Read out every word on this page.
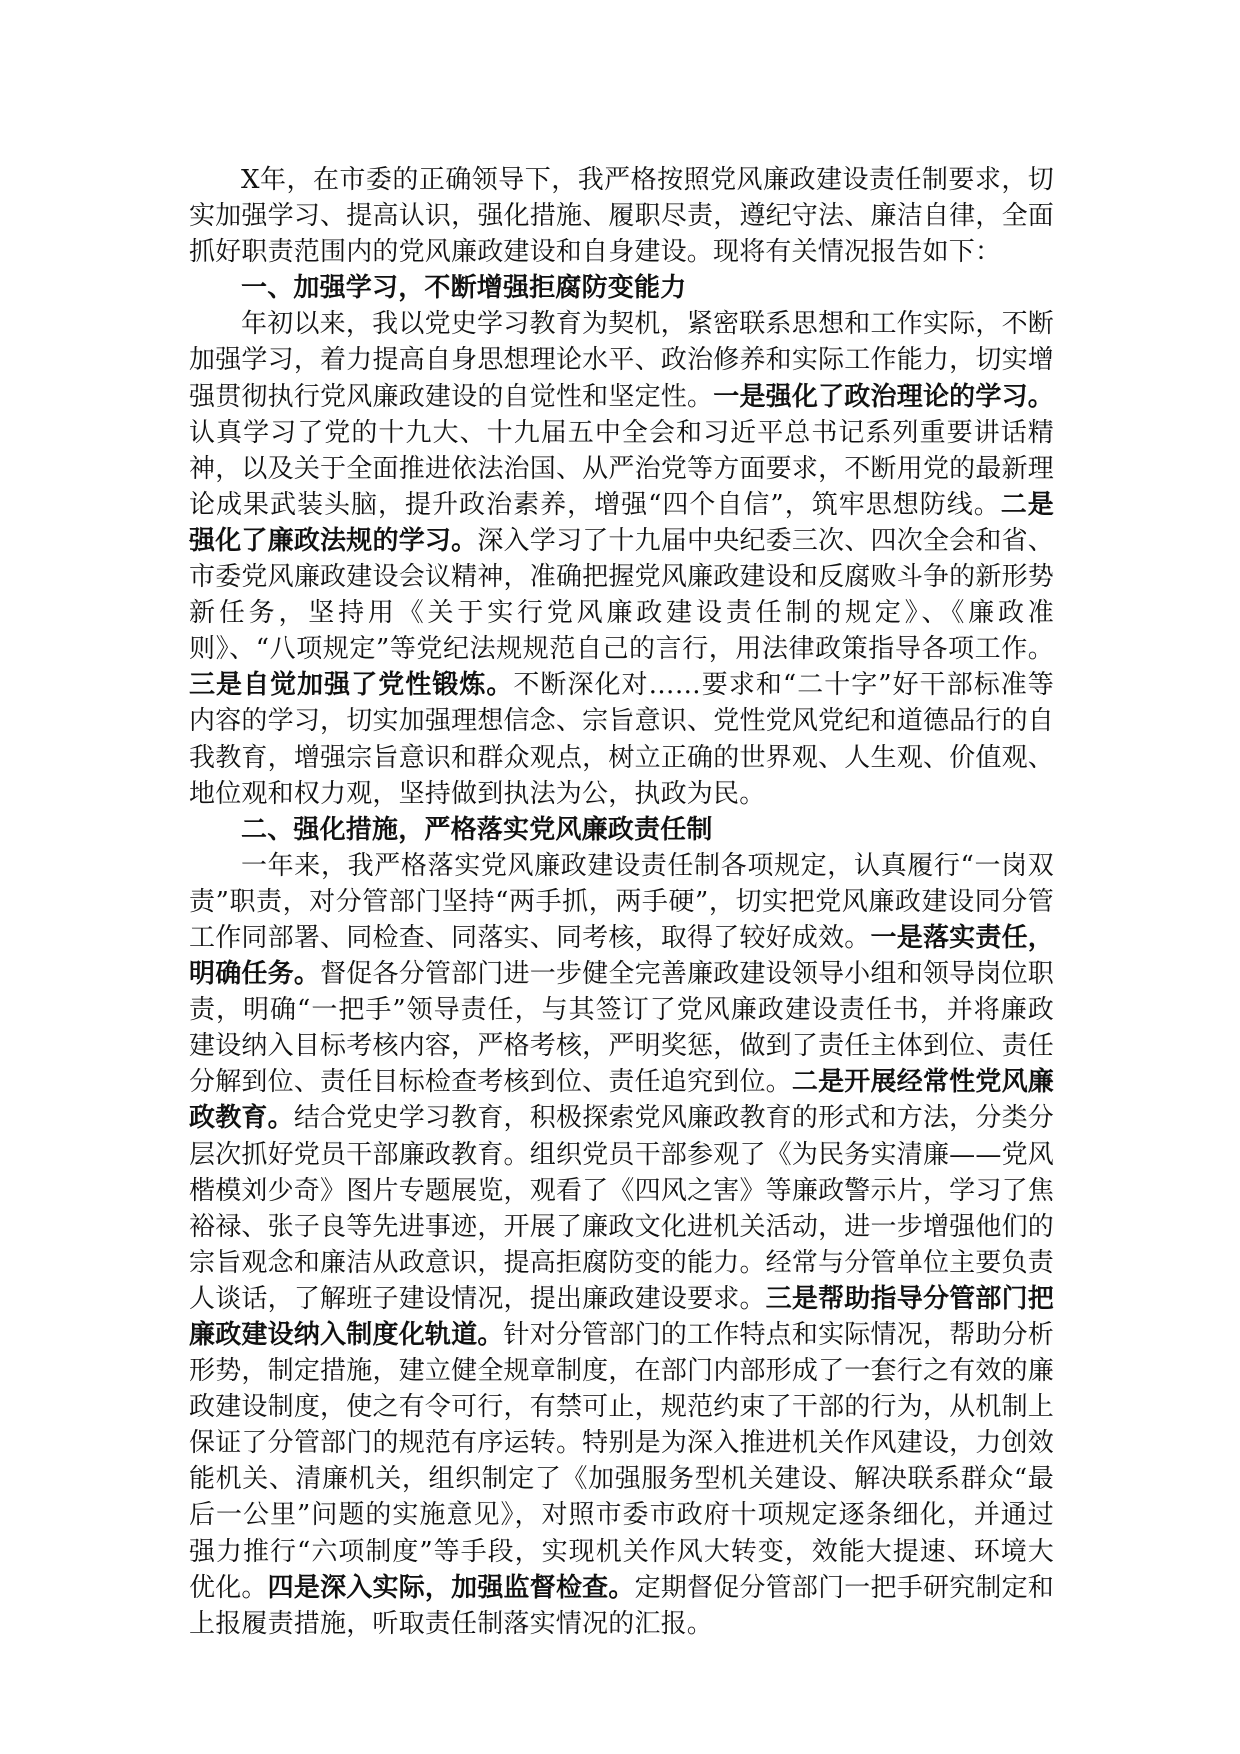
X年，在市委的正确领导下，我严格按照党风廉政建设责任制要求，切实加强学习、提高认识，强化措施、履职尽责，遵纪守法、廉洁自律，全面抓好职责范围内的党风廉政建设和自身建设。现将有关情况报告如下：

一、加强学习，不断增强拒腐防变能力

年初以来，我以党史学习教育为契机，紧密联系思想和工作实际，不断加强学习，着力提高自身思想理论水平、政治修养和实际工作能力，切实增强贯彻执行党风廉政建设的自觉性和坚定性。一是强化了政治理论的学习。认真学习了党的十九大、十九届五中全会和习近平总书记系列重要讲话精神，以及关于全面推进依法治国、从严治党等方面要求，不断用党的最新理论成果武装头脑，提升政治素养，增强“四个自信”，筑牢思想防线。二是强化了廉政法规的学习。深入学习了十九届中央纪委三次、四次全会和省、市委党风廉政建设会议精神，准确把握党风廉政建设和反腐败斗争的新形势新任务，坚持用《关于实行党风廉政建设责任制的规定》、《廉政准则》、“八项规定”等党纪法规规范自己的言行，用法律政策指导各项工作。三是自觉加强了党性锻炼。不断深化对……要求和“二十字”好干部标准等内容的学习，切实加强理想信念、宗旨意识、党性党风党纪和道德品行的自我教育，增强宗旨意识和群众观点，树立正确的世界观、人生观、价值观、地位观和权力观，坚持做到执法为公，执政为民。

二、强化措施，严格落实党风廉政责任制

一年来，我严格落实党风廉政建设责任制各项规定，认真履行“一岗双责”职责，对分管部门坚持“两手抓，两手硬”，切实把党风廉政建设同分管工作同部署、同检查、同落实、同考核，取得了较好成效。一是落实责任，明确任务。督促各分管部门进一步健全完善廉政建设领导小组和领导岗位职责，明确“一把手”领导责任，与其签订了党风廉政建设责任书，并将廉政建设纳入目标考核内容，严格考核，严明奖惩，做到了责任主体到位、责任分解到位、责任目标检查考核到位、责任追究到位。二是开展经常性党风廉政教育。结合党史学习教育，积极探索党风廉政教育的形式和方法，分类分层次抓好党员干部廉政教育。组织党员干部参观了《为民务实清廉——党风楷模刘少奇》图片专题展览，观看了《四风之害》等廉政警示片，学习了焦裕禄、张子良等先进事迹，开展了廉政文化进机关活动，进一步增强他们的宗旨观念和廉洁从政意识，提高拒腐防变的能力。经常与分管单位主要负责人谈话，了解班子建设情况，提出廉政建设要求。三是帮助指导分管部门把廉政建设纳入制度化轨道。针对分管部门的工作特点和实际情况，帮助分析形势，制定措施，建立健全规章制度，在部门内部形成了一套行之有效的廉政建设制度，使之有令可行，有禁可止，规范约束了干部的行为，从机制上保证了分管部门的规范有序运转。特别是为深入推进机关作风建设，力创效能机关、清廉机关，组织制定了《加强服务型机关建设、解决联系群众“最后一公里”问题的实施意见》，对照市委市政府十项规定逐条细化，并通过强力推行“六项制度”等手段，实现机关作风大转变，效能大提速、环境大优化。四是深入实际，加强监督检查。定期督促分管部门一把手研究制定和上报履责措施，听取责任制落实情况的汇报。
